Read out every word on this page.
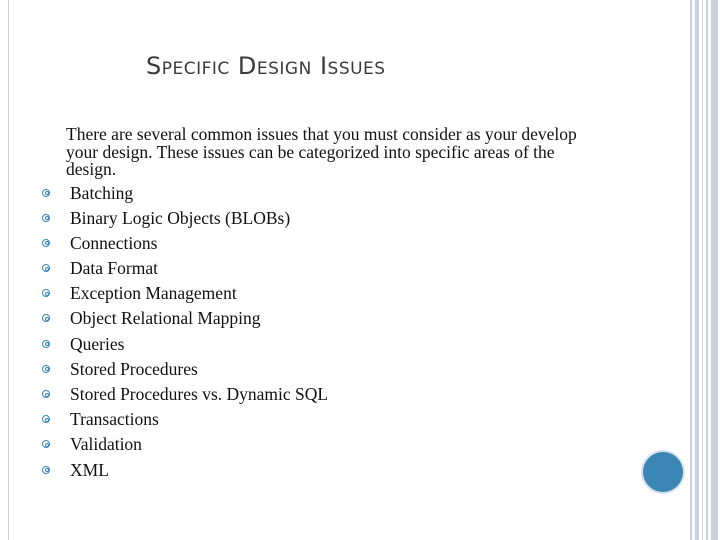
Specific Design Issues

There are several common issues that you must consider as your develop your design. These issues can be categorized into specific areas of the design.

Batching
Binary Logic Objects (BLOBs)
Connections
Data Format
Exception Management
Object Relational Mapping
Queries
Stored Procedures
Stored Procedures vs. Dynamic SQL
Transactions
Validation
XML
